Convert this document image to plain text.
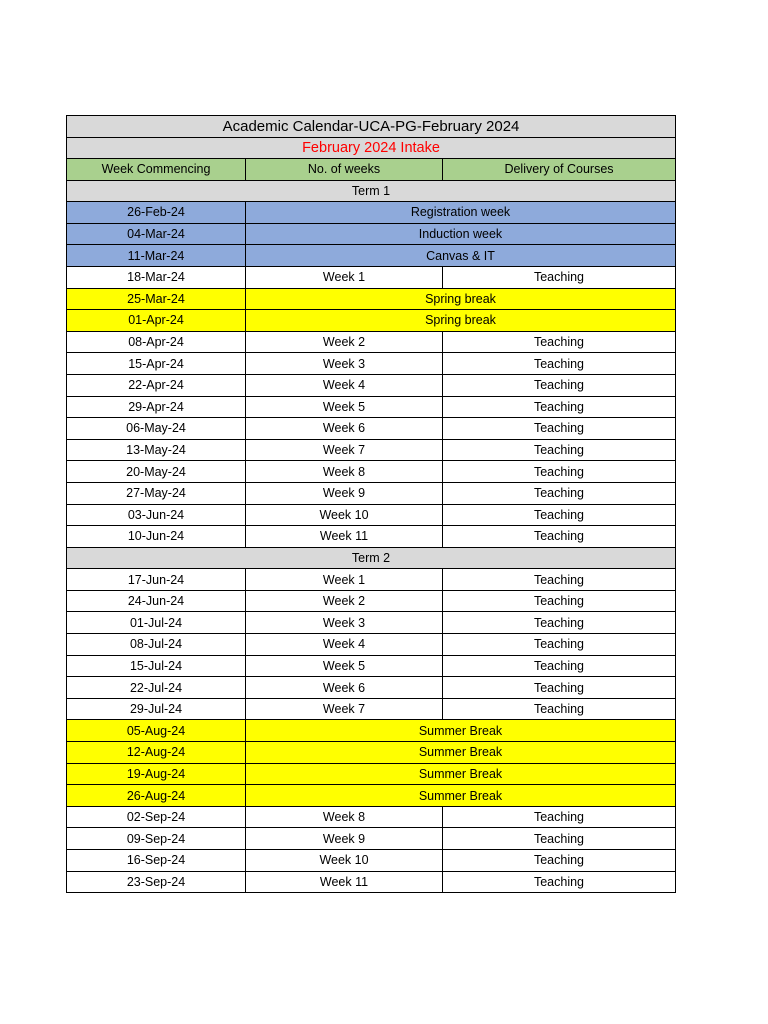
Academic Calendar-UCA-PG-February 2024		
February 2024 Intake		
Week Commencing	No. of weeks	Delivery of Courses
Term 1		
26-Feb-24	Registration week	
04-Mar-24	Induction week	
11-Mar-24	Canvas & IT	
18-Mar-24	Week 1	Teaching
25-Mar-24	Spring break	
01-Apr-24	Spring break	
08-Apr-24	Week 2	Teaching
15-Apr-24	Week 3	Teaching
22-Apr-24	Week 4	Teaching
29-Apr-24	Week 5	Teaching
06-May-24	Week 6	Teaching
13-May-24	Week 7	Teaching
20-May-24	Week 8	Teaching
27-May-24	Week 9	Teaching
03-Jun-24	Week 10	Teaching
10-Jun-24	Week 11	Teaching
Term 2		
17-Jun-24	Week 1	Teaching
24-Jun-24	Week 2	Teaching
01-Jul-24	Week 3	Teaching
08-Jul-24	Week 4	Teaching
15-Jul-24	Week 5	Teaching
22-Jul-24	Week 6	Teaching
29-Jul-24	Week 7	Teaching
05-Aug-24	Summer Break	
12-Aug-24	Summer Break	
19-Aug-24	Summer Break	
26-Aug-24	Summer Break	
02-Sep-24	Week 8	Teaching
09-Sep-24	Week 9	Teaching
16-Sep-24	Week 10	Teaching
23-Sep-24	Week 11	Teaching
